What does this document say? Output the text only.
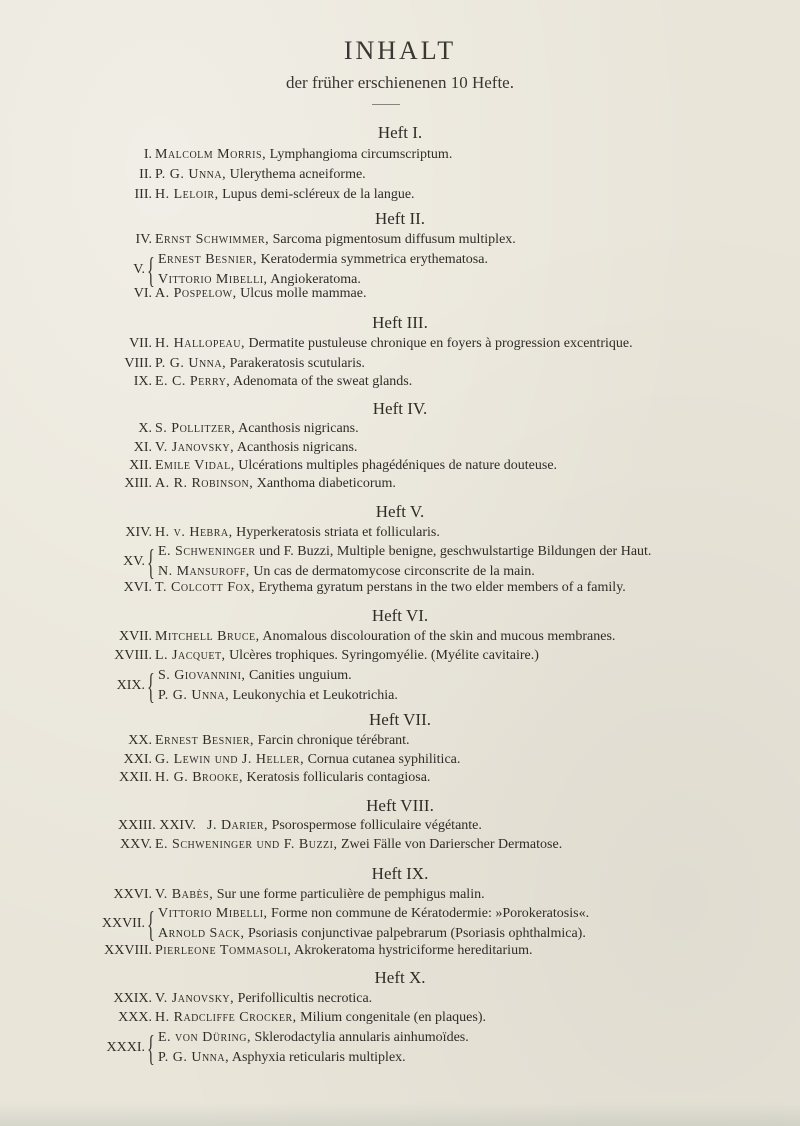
INHALT
der früher erschienenen 10 Hefte.
Heft I.
I. Malcolm Morris, Lymphangioma circumscriptum.
II. P. G. Unna, Ulerythema acneiforme.
III. H. Leloir, Lupus demi-scléreux de la langue.
Heft II.
IV. Ernst Schwimmer, Sarcoma pigmentosum diffusum multiplex.
V. { Ernest Besnier, Keratodermia symmetrica erythematosa.
Vittorio Mibelli, Angiokeratoma.
VI. A. Pospelow, Ulcus molle mammae.
Heft III.
VII. H. Hallopeau, Dermatite pustuleuse chronique en foyers à progression excentrique.
VIII. P. G. Unna, Parakeratosis scutularis.
IX. E. C. Perry, Adenomata of the sweat glands.
Heft IV.
X. S. Pollitzer, Acanthosis nigricans.
XI. V. Janovsky, Acanthosis nigricans.
XII. Emile Vidal, Ulcérations multiples phagédéniques de nature douteuse.
XIII. A. R. Robinson, Xanthoma diabeticorum.
Heft V.
XIV. H. v. Hebra, Hyperkeratosis striata et follicularis.
XV. { E. Schweninger und F. Buzzi, Multiple benigne, geschwulstartige Bildungen der Haut.
N. Mansuroff, Un cas de dermatomycose circonscrite de la main.
XVI. T. Colcott Fox, Erythema gyratum perstans in the two elder members of a family.
Heft VI.
XVII. Mitchell Bruce, Anomalous discolouration of the skin and mucous membranes.
XVIII. L. Jacquet, Ulcères trophiques. Syringomyélie. (Myélite cavitaire.)
XIX. { S. Giovannini, Canities unguium.
P. G. Unna, Leukonychia et Leukotrichia.
Heft VII.
XX. Ernest Besnier, Farcin chronique térébrant.
XXI. G. Lewin und J. Heller, Cornua cutanea syphilitica.
XXII. H. G. Brooke, Keratosis follicularis contagiosa.
Heft VIII.
XXIII. XXIV. J. Darier, Psorospermose folliculaire végétante.
XXV. E. Schweninger und F. Buzzi, Zwei Fälle von Darierscher Dermatose.
Heft IX.
XXVI. V. Babès, Sur une forme particulière de pemphigus malin.
XXVII. { Vittorio Mibelli, Forme non commune de Kératodermie: »Porokeratosis«.
Arnold Sack, Psoriasis conjunctivae palpebrarum (Psoriasis ophthalmica).
XXVIII. Pierleone Tommasoli, Akrokeratoma hystriciforme hereditarium.
Heft X.
XXIX. V. Janovsky, Perifollicultis necrotica.
XXX. H. Radcliffe Crocker, Milium congenitale (en plaques).
XXXI. { E. von Düring, Sklerodactylia annularis ainhumoïdes.
P. G. Unna, Asphyxia reticularis multiplex.
